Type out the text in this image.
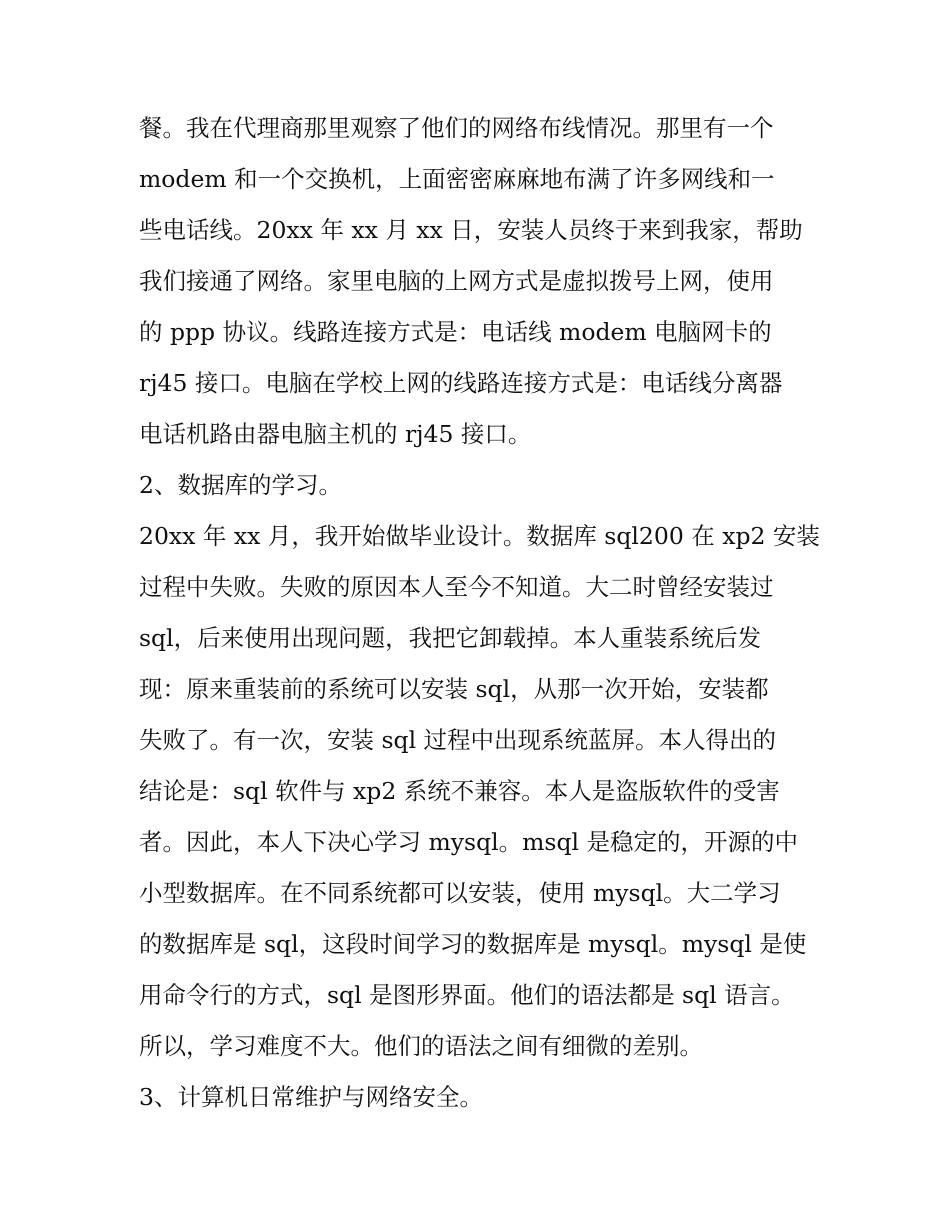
餐。我在代理商那里观察了他们的网络布线情况。那里有一个

modem 和一个交换机，上面密密麻麻地布满了许多网线和一

些电话线。20xx 年 xx 月 xx 日，安装人员终于来到我家，帮助

我们接通了网络。家里电脑的上网方式是虚拟拨号上网，使用

的 ppp 协议。线路连接方式是：电话线 modem 电脑网卡的

rj45 接口。电脑在学校上网的线路连接方式是：电话线分离器

电话机路由器电脑主机的 rj45 接口。

2、数据库的学习。

20xx 年 xx 月，我开始做毕业设计。数据库 sql200 在 xp2 安装

过程中失败。失败的原因本人至今不知道。大二时曾经安装过

sql，后来使用出现问题，我把它卸载掉。本人重装系统后发

现：原来重装前的系统可以安装 sql，从那一次开始，安装都

失败了。有一次，安装 sql 过程中出现系统蓝屏。本人得出的

结论是：sql 软件与 xp2 系统不兼容。本人是盗版软件的受害

者。因此，本人下决心学习 mysql。msql 是稳定的，开源的中

小型数据库。在不同系统都可以安装，使用 mysql。大二学习

的数据库是 sql，这段时间学习的数据库是 mysql。mysql 是使

用命令行的方式，sql 是图形界面。他们的语法都是 sql 语言。

所以，学习难度不大。他们的语法之间有细微的差别。

3、计算机日常维护与网络安全。
